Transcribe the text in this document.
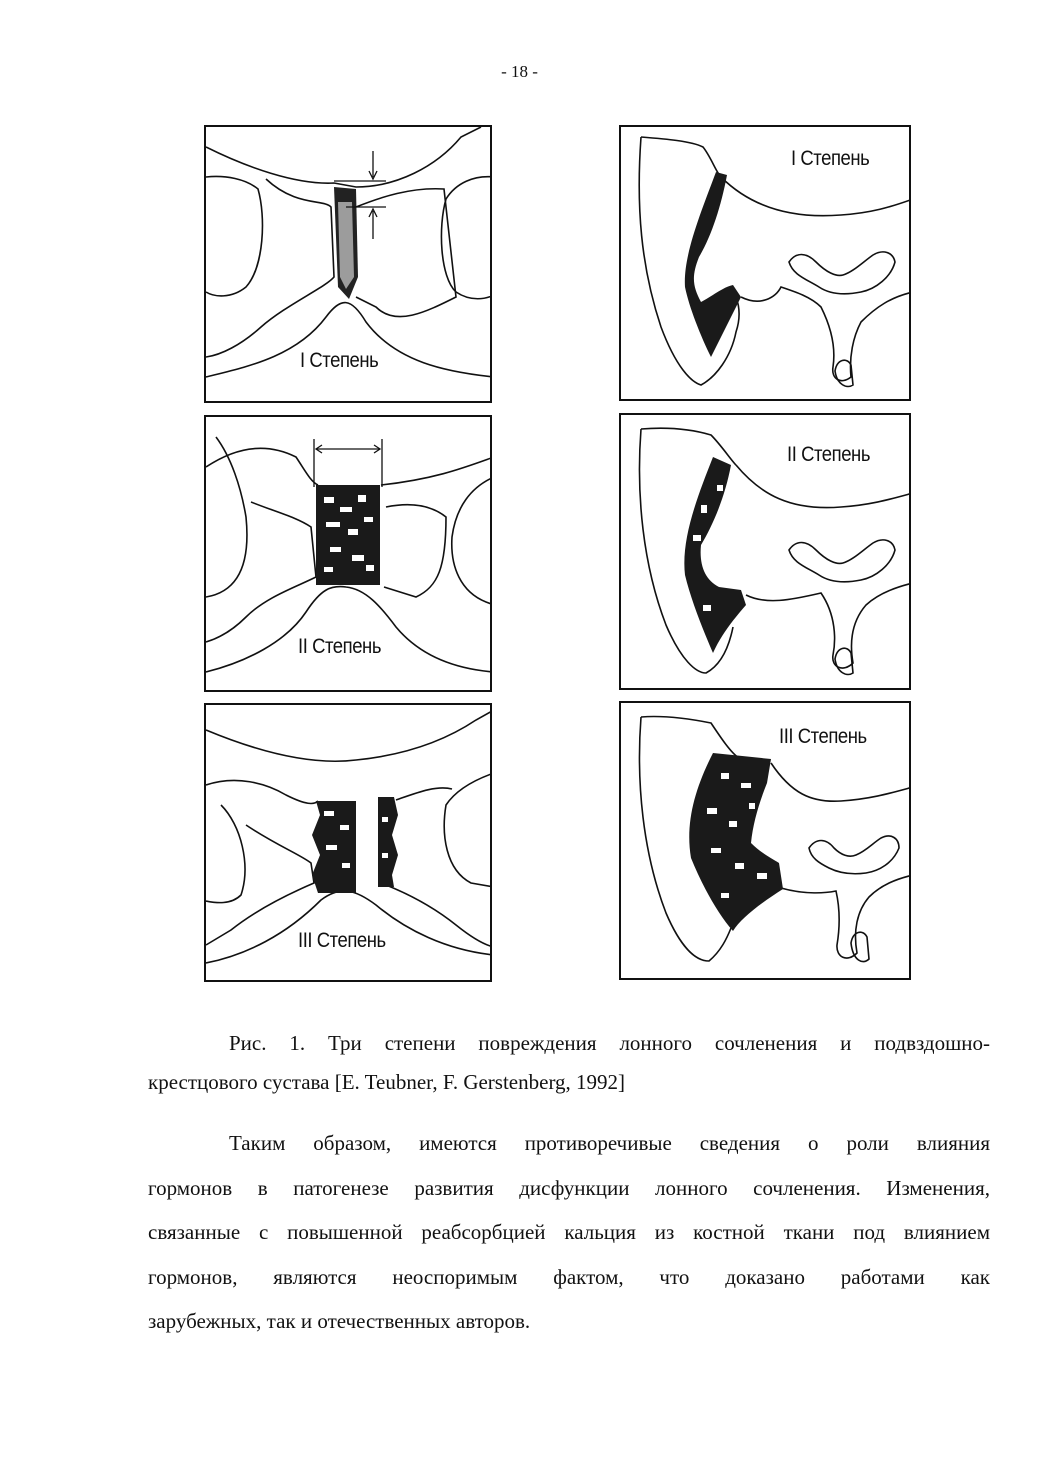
- 18 -
I Степень
II Степень
III Степень
I Степень
II Степень
III Степень
Рис. 1. Три степени повреждения лонного сочленения и подвздошно-
крестцового сустава [E. Teubner, F. Gerstenberg, 1992]
Таким образом, имеются противоречивые сведения о роли влияния
гормонов в патогенезе развития дисфункции лонного сочленения. Изменения,
связанные с повышенной реабсорбцией кальция из костной ткани под влиянием
гормонов, являются неоспоримым фактом, что доказано работами как
зарубежных, так и отечественных авторов.
